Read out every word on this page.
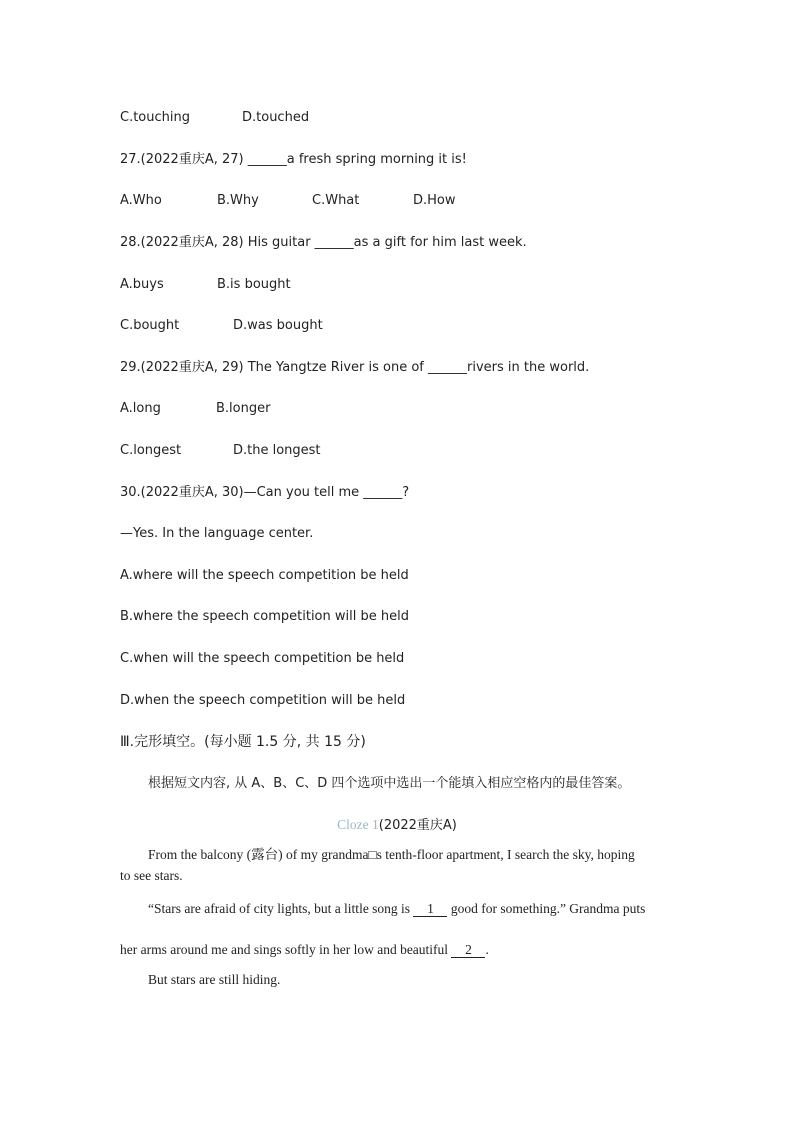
C.touching	D.touched
27.(2022重庆A, 27) ______a fresh spring morning it is!
A.Who	B.Why	C.What	D.How
28.(2022重庆A, 28) His guitar ______as a gift for him last week.
A.buys	B.is bought
C.bought	D.was bought
29.(2022重庆A, 29) The Yangtze River is one of ______rivers in the world.
A.long	B.longer
C.longest	D.the longest
30.(2022重庆A, 30)—Can you tell me ______?
—Yes. In the language center.
A.where will the speech competition be held
B.where the speech competition will be held
C.when will the speech competition be held
D.when the speech competition will be held
Ⅲ.完形填空。(每小题 1.5 分, 共 15 分)
根据短文内容, 从 A、B、C、D 四个选项中选出一个能填入相应空格内的最佳答案。
Cloze 1(2022重庆A)
From the balcony (露台) of my grandma□s tenth-floor apartment, I search the sky, hoping
to see stars.
“Stars are afraid of city lights, but a little song is 1 good for something.” Grandma puts
her arms around me and sings softly in her low and beautiful 2 .
But stars are still hiding.
